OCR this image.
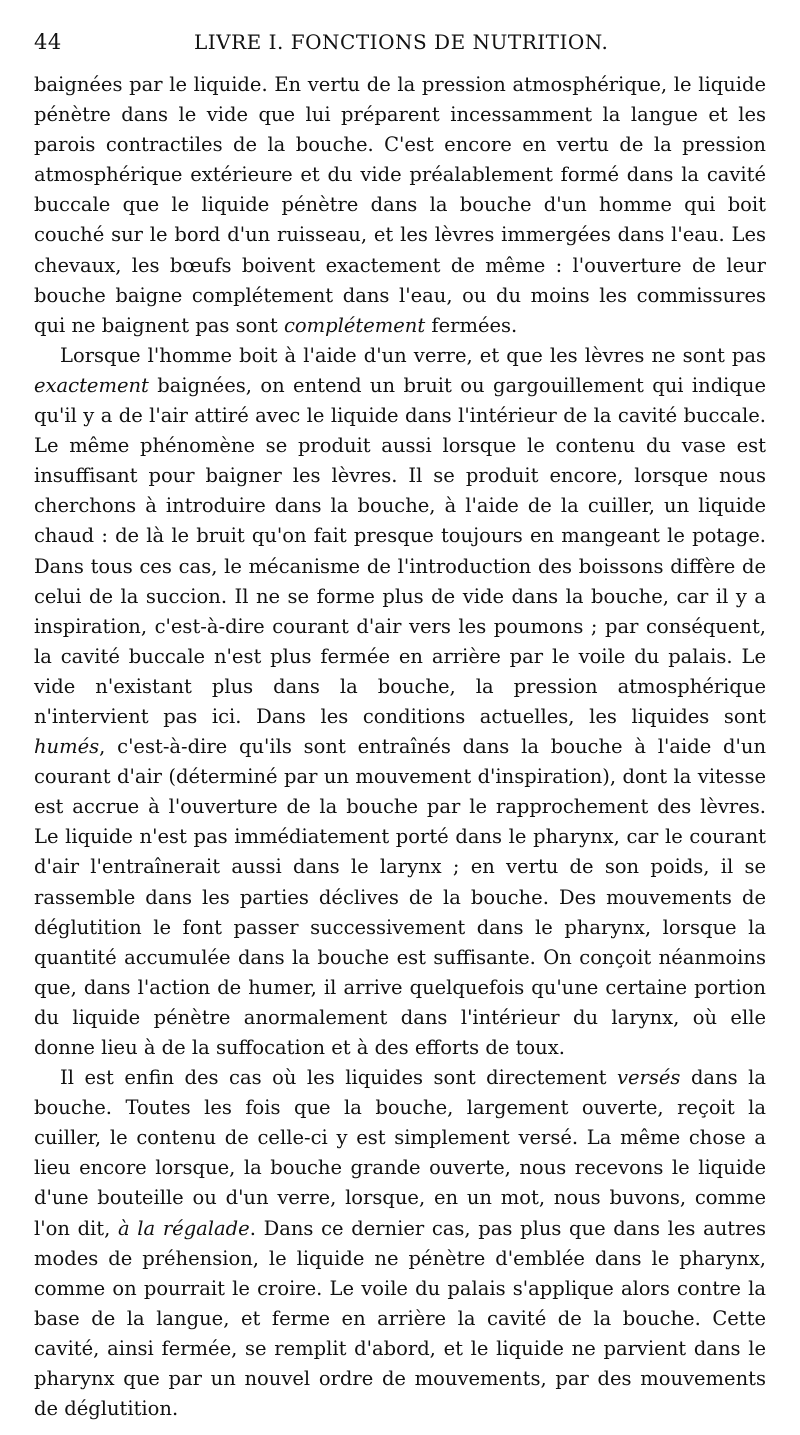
44	LIVRE I. FONCTIONS DE NUTRITION.

baignées par le liquide. En vertu de la pression atmosphérique, le liquide pénètre dans le vide que lui préparent incessamment la langue et les parois contractiles de la bouche. C'est encore en vertu de la pression atmosphérique extérieure et du vide préalablement formé dans la cavité buccale que le liquide pénètre dans la bouche d'un homme qui boit couché sur le bord d'un ruisseau, et les lèvres immergées dans l'eau. Les chevaux, les bœufs boivent exactement de même : l'ouverture de leur bouche baigne complétement dans l'eau, ou du moins les commissures qui ne baignent pas sont complétement fermées.

Lorsque l'homme boit à l'aide d'un verre, et que les lèvres ne sont pas exactement baignées, on entend un bruit ou gargouillement qui indique qu'il y a de l'air attiré avec le liquide dans l'intérieur de la cavité buccale. Le même phénomène se produit aussi lorsque le contenu du vase est insuffisant pour baigner les lèvres. Il se produit encore, lorsque nous cherchons à introduire dans la bouche, à l'aide de la cuiller, un liquide chaud : de là le bruit qu'on fait presque toujours en mangeant le potage. Dans tous ces cas, le mécanisme de l'introduction des boissons diffère de celui de la succion. Il ne se forme plus de vide dans la bouche, car il y a inspiration, c'est-à-dire courant d'air vers les poumons ; par conséquent, la cavité buccale n'est plus fermée en arrière par le voile du palais. Le vide n'existant plus dans la bouche, la pression atmosphérique n'intervient pas ici. Dans les conditions actuelles, les liquides sont humés, c'est-à-dire qu'ils sont entraînés dans la bouche à l'aide d'un courant d'air (déterminé par un mouvement d'inspiration), dont la vitesse est accrue à l'ouverture de la bouche par le rapprochement des lèvres. Le liquide n'est pas immédiatement porté dans le pharynx, car le courant d'air l'entraînerait aussi dans le larynx ; en vertu de son poids, il se rassemble dans les parties déclives de la bouche. Des mouvements de déglutition le font passer successivement dans le pharynx, lorsque la quantité accumulée dans la bouche est suffisante. On conçoit néanmoins que, dans l'action de humer, il arrive quelquefois qu'une certaine portion du liquide pénètre anormalement dans l'intérieur du larynx, où elle donne lieu à de la suffocation et à des efforts de toux.

Il est enfin des cas où les liquides sont directement versés dans la bouche. Toutes les fois que la bouche, largement ouverte, reçoit la cuiller, le contenu de celle-ci y est simplement versé. La même chose a lieu encore lorsque, la bouche grande ouverte, nous recevons le liquide d'une bouteille ou d'un verre, lorsque, en un mot, nous buvons, comme l'on dit, à la régalade. Dans ce dernier cas, pas plus que dans les autres modes de préhension, le liquide ne pénètre d'emblée dans le pharynx, comme on pourrait le croire. Le voile du palais s'applique alors contre la base de la langue, et ferme en arrière la cavité de la bouche. Cette cavité, ainsi fermée, se remplit d'abord, et le liquide ne parvient dans le pharynx que par un nouvel ordre de mouvements, par des mouvements de déglutition.
